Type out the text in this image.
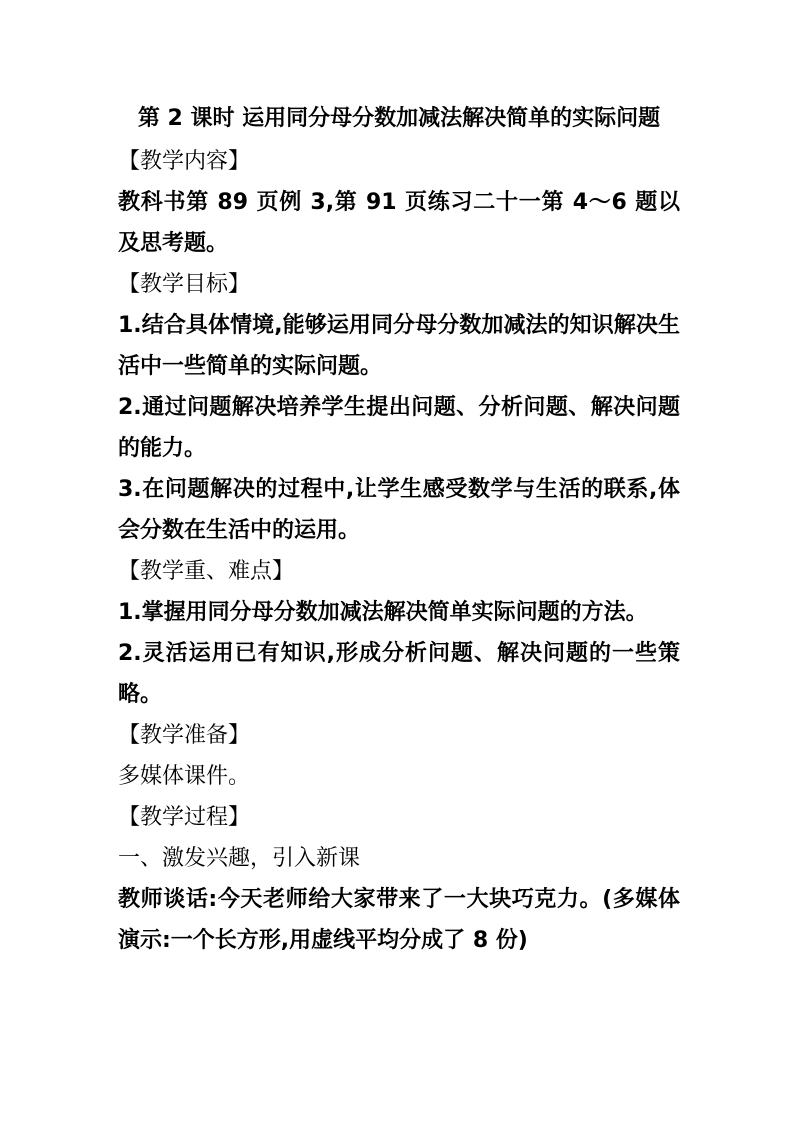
第 2 课时 运用同分母分数加减法解决简单的实际问题

【教学内容】

教科书第 89 页例 3,第 91 页练习二十一第 4～6 题以及思考题。

【教学目标】

1.结合具体情境,能够运用同分母分数加减法的知识解决生活中一些简单的实际问题。

2.通过问题解决培养学生提出问题、分析问题、解决问题的能力。

3.在问题解决的过程中,让学生感受数学与生活的联系,体会分数在生活中的运用。

【教学重、难点】

1.掌握用同分母分数加减法解决简单实际问题的方法。

2.灵活运用已有知识,形成分析问题、解决问题的一些策略。

【教学准备】

多媒体课件。

【教学过程】

一、激发兴趣，引入新课

教师谈话:今天老师给大家带来了一大块巧克力。(多媒体演示:一个长方形,用虚线平均分成了 8 份)
